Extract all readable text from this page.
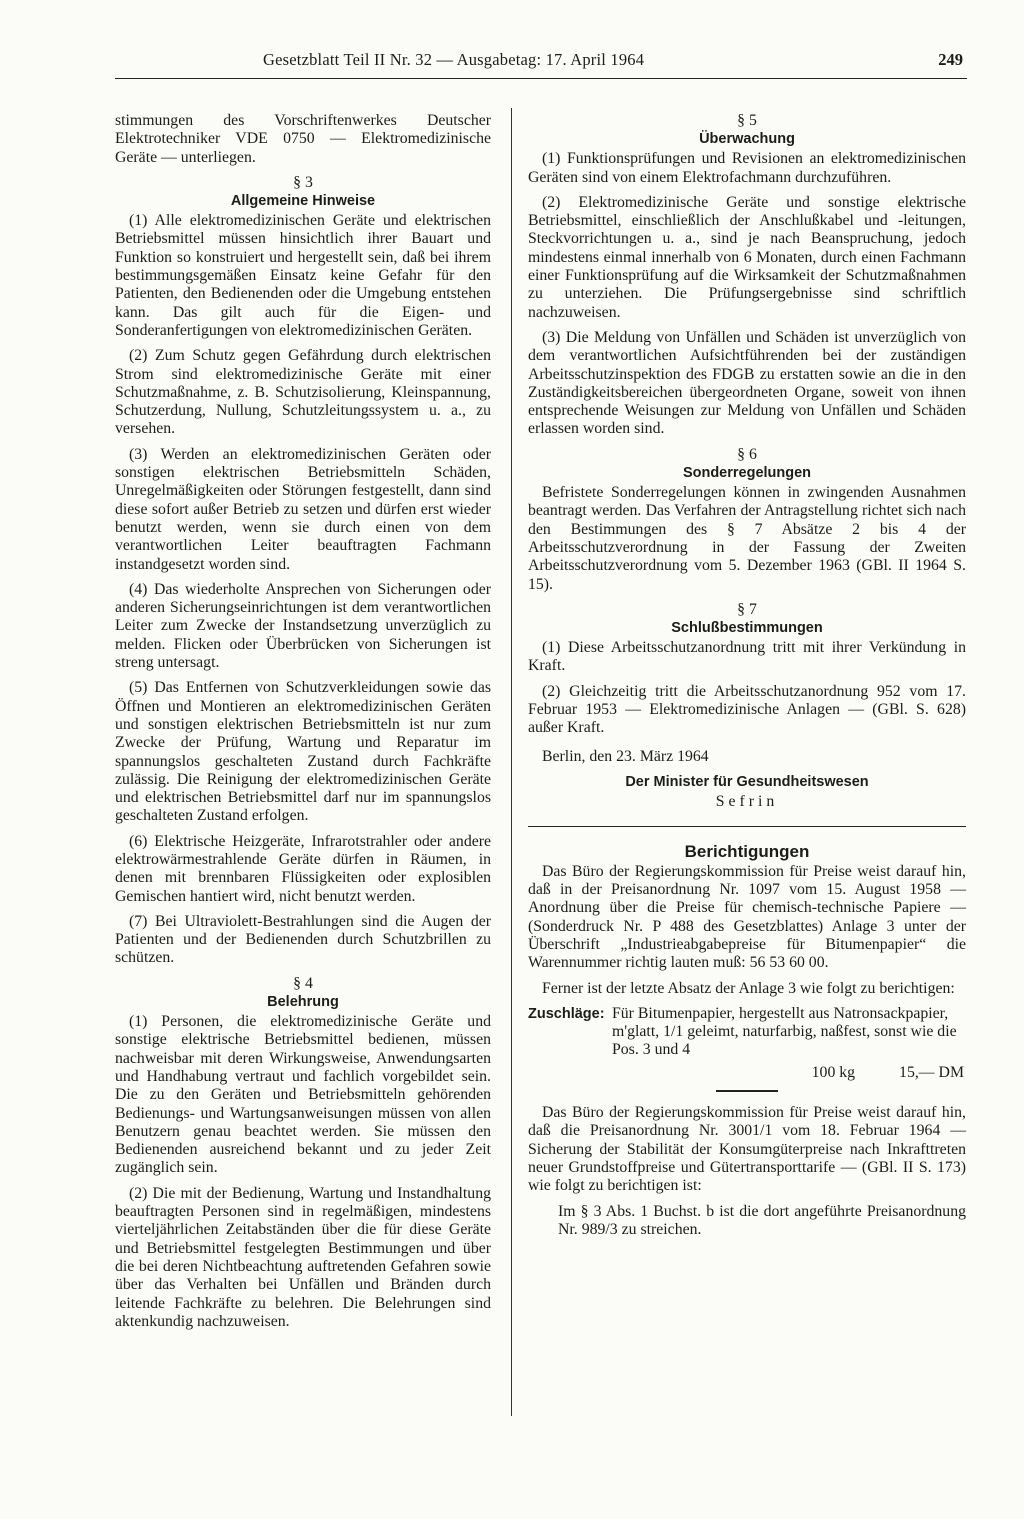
Gesetzblatt Teil II Nr. 32 — Ausgabetag: 17. April 1964	249

stimmungen des Vorschriftenwerkes Deutscher Elektrotechniker VDE 0750 — Elektromedizinische Geräte — unterliegen.

§ 3
Allgemeine Hinweise

(1) Alle elektromedizinischen Geräte und elektrischen Betriebsmittel müssen hinsichtlich ihrer Bauart und Funktion so konstruiert und hergestellt sein, daß bei ihrem bestimmungsgemäßen Einsatz keine Gefahr für den Patienten, den Bedienenden oder die Umgebung entstehen kann. Das gilt auch für die Eigen- und Sonderanfertigungen von elektromedizinischen Geräten.

(2) Zum Schutz gegen Gefährdung durch elektrischen Strom sind elektromedizinische Geräte mit einer Schutzmaßnahme, z. B. Schutzisolierung, Kleinspannung, Schutzerdung, Nullung, Schutzleitungssystem u. a., zu versehen.

(3) Werden an elektromedizinischen Geräten oder sonstigen elektrischen Betriebsmitteln Schäden, Unregelmäßigkeiten oder Störungen festgestellt, dann sind diese sofort außer Betrieb zu setzen und dürfen erst wieder benutzt werden, wenn sie durch einen von dem verantwortlichen Leiter beauftragten Fachmann instandgesetzt worden sind.

(4) Das wiederholte Ansprechen von Sicherungen oder anderen Sicherungseinrichtungen ist dem verantwortlichen Leiter zum Zwecke der Instandsetzung unverzüglich zu melden. Flicken oder Überbrücken von Sicherungen ist streng untersagt.

(5) Das Entfernen von Schutzverkleidungen sowie das Öffnen und Montieren an elektromedizinischen Geräten und sonstigen elektrischen Betriebsmitteln ist nur zum Zwecke der Prüfung, Wartung und Reparatur im spannungslos geschalteten Zustand durch Fachkräfte zulässig. Die Reinigung der elektromedizinischen Geräte und elektrischen Betriebsmittel darf nur im spannungslos geschalteten Zustand erfolgen.

(6) Elektrische Heizgeräte, Infrarotstrahler oder andere elektrowärmestrahlende Geräte dürfen in Räumen, in denen mit brennbaren Flüssigkeiten oder explosiblen Gemischen hantiert wird, nicht benutzt werden.

(7) Bei Ultraviolett-Bestrahlungen sind die Augen der Patienten und der Bedienenden durch Schutzbrillen zu schützen.

§ 4
Belehrung

(1) Personen, die elektromedizinische Geräte und sonstige elektrische Betriebsmittel bedienen, müssen nachweisbar mit deren Wirkungsweise, Anwendungsarten und Handhabung vertraut und fachlich vorgebildet sein. Die zu den Geräten und Betriebsmitteln gehörenden Bedienungs- und Wartungsanweisungen müssen von allen Benutzern genau beachtet werden. Sie müssen den Bedienenden ausreichend bekannt und zu jeder Zeit zugänglich sein.

(2) Die mit der Bedienung, Wartung und Instandhaltung beauftragten Personen sind in regelmäßigen, mindestens vierteljährlichen Zeitabständen über die für diese Geräte und Betriebsmittel festgelegten Bestimmungen und über die bei deren Nichtbeachtung auftretenden Gefahren sowie über das Verhalten bei Unfällen und Bränden durch leitende Fachkräfte zu belehren. Die Belehrungen sind aktenkundig nachzuweisen.

§ 5
Überwachung

(1) Funktionsprüfungen und Revisionen an elektromedizinischen Geräten sind von einem Elektrofachmann durchzuführen.

(2) Elektromedizinische Geräte und sonstige elektrische Betriebsmittel, einschließlich der Anschlußkabel und -leitungen, Steckvorrichtungen u. a., sind je nach Beanspruchung, jedoch mindestens einmal innerhalb von 6 Monaten, durch einen Fachmann einer Funktionsprüfung auf die Wirksamkeit der Schutzmaßnahmen zu unterziehen. Die Prüfungsergebnisse sind schriftlich nachzuweisen.

(3) Die Meldung von Unfällen und Schäden ist unverzüglich von dem verantwortlichen Aufsichtführenden bei der zuständigen Arbeitsschutzinspektion des FDGB zu erstatten sowie an die in den Zuständigkeitsbereichen übergeordneten Organe, soweit von ihnen entsprechende Weisungen zur Meldung von Unfällen und Schäden erlassen worden sind.

§ 6
Sonderregelungen

Befristete Sonderregelungen können in zwingenden Ausnahmen beantragt werden. Das Verfahren der Antragstellung richtet sich nach den Bestimmungen des § 7 Absätze 2 bis 4 der Arbeitsschutzverordnung in der Fassung der Zweiten Arbeitsschutzverordnung vom 5. Dezember 1963 (GBl. II 1964 S. 15).

§ 7
Schlußbestimmungen

(1) Diese Arbeitsschutzanordnung tritt mit ihrer Verkündung in Kraft.

(2) Gleichzeitig tritt die Arbeitsschutzanordnung 952 vom 17. Februar 1953 — Elektromedizinische Anlagen — (GBl. S. 628) außer Kraft.

Berlin, den 23. März 1964

Der Minister für Gesundheitswesen
Sefrin
Berichtigungen

Das Büro der Regierungskommission für Preise weist darauf hin, daß in der Preisanordnung Nr. 1097 vom 15. August 1958 — Anordnung über die Preise für chemisch-technische Papiere — (Sonderdruck Nr. P 488 des Gesetzblattes) Anlage 3 unter der Überschrift „Industrieabgabepreise für Bitumenpapier“ die Warennummer richtig lauten muß: 56 53 60 00.

Ferner ist der letzte Absatz der Anlage 3 wie folgt zu berichtigen:

Zuschläge: Für Bitumenpapier, hergestellt aus Natronsackpapier, m'glatt, 1/1 geleimt, naturfarbig, naßfest, sonst wie die Pos. 3 und 4
100 kg	15,— DM

Das Büro der Regierungskommission für Preise weist darauf hin, daß die Preisanordnung Nr. 3001/1 vom 18. Februar 1964 — Sicherung der Stabilität der Konsumgüterpreise nach Inkrafttreten neuer Grundstoffpreise und Gütertransporttarife — (GBl. II S. 173) wie folgt zu berichtigen ist:

Im § 3 Abs. 1 Buchst. b ist die dort angeführte Preisanordnung Nr. 989/3 zu streichen.
